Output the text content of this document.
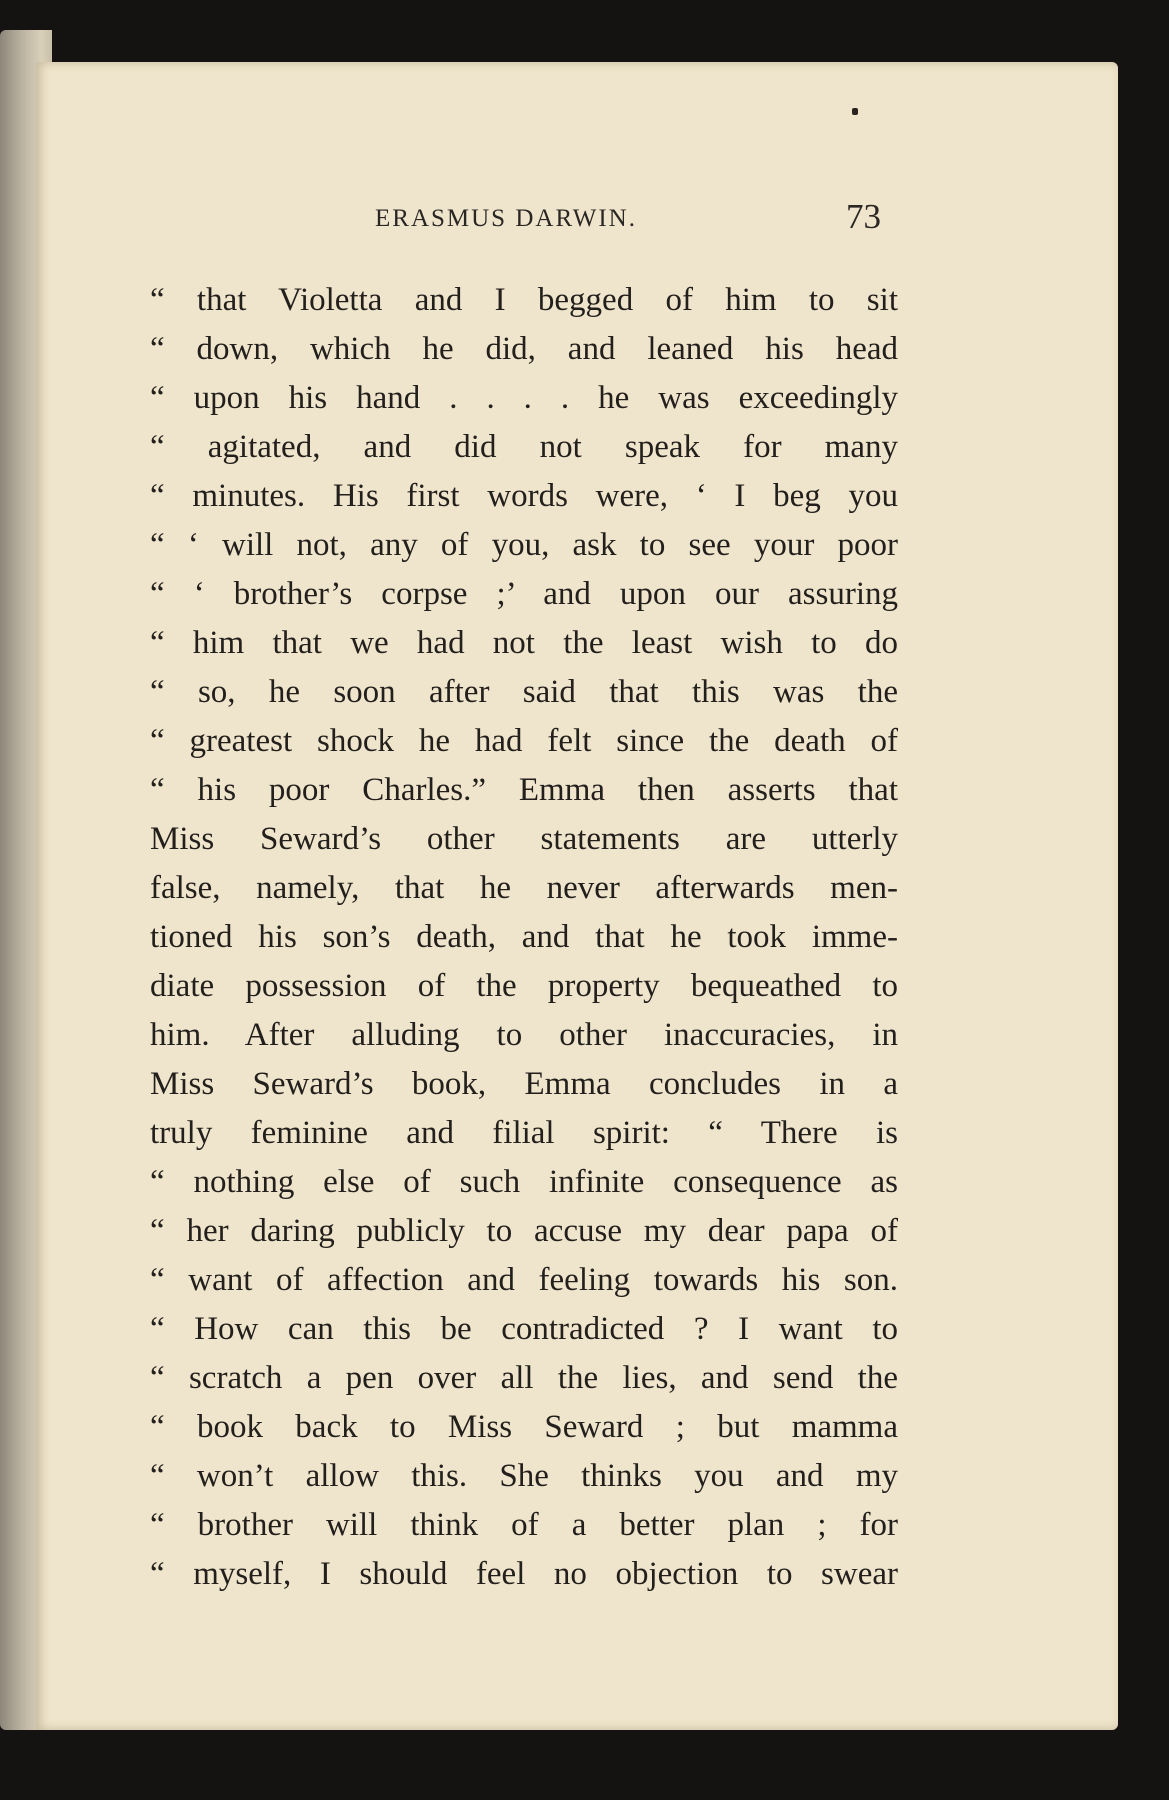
ERASMUS DARWIN.	73
“ that Violetta and I begged of him to sit
“ down, which he did, and leaned his head
“ upon his hand . . . . he was exceedingly
“ agitated, and did not speak for many
“ minutes. His first words were, ‘ I beg you
“ ‘ will not, any of you, ask to see your poor
“ ‘ brother’s corpse ;’ and upon our assuring
“ him that we had not the least wish to do
“ so, he soon after said that this was the
“ greatest shock he had felt since the death of
“ his poor Charles.” Emma then asserts that
Miss Seward’s other statements are utterly
false, namely, that he never afterwards men-
tioned his son’s death, and that he took imme-
diate possession of the property bequeathed to
him. After alluding to other inaccuracies, in
Miss Seward’s book, Emma concludes in a
truly feminine and filial spirit: “ There is
“ nothing else of such infinite consequence as
“ her daring publicly to accuse my dear papa of
“ want of affection and feeling towards his son.
“ How can this be contradicted ? I want to
“ scratch a pen over all the lies, and send the
“ book back to Miss Seward ; but mamma
“ won’t allow this. She thinks you and my
“ brother will think of a better plan ; for
“ myself, I should feel no objection to swear
